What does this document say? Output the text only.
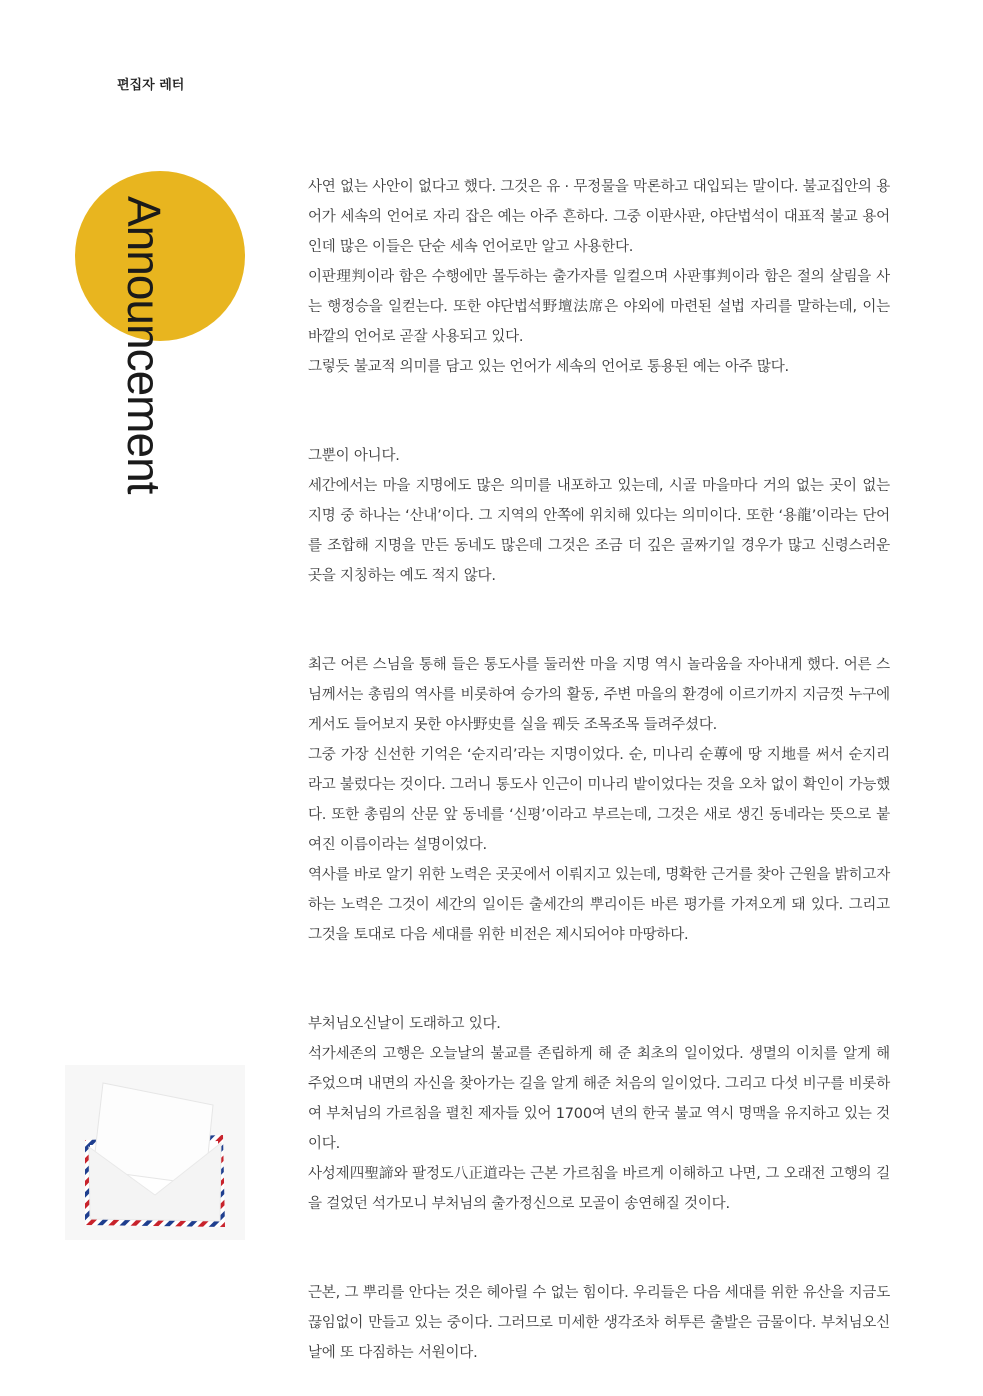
편집자 레터
Announcement

사연 없는 사안이 없다고 했다. 그것은 유 · 무정물을 막론하고 대입되는 말이다. 불교집안의 용어가 세속의 언어로 자리 잡은 예는 아주 흔하다. 그중 이판사판, 야단법석이 대표적 불교 용어인데 많은 이들은 단순 세속 언어로만 알고 사용한다.

이판理判이라 함은 수행에만 몰두하는 출가자를 일컬으며 사판事判이라 함은 절의 살림을 사는 행정승을 일컫는다. 또한 야단법석野壇法席은 야외에 마련된 설법 자리를 말하는데, 이는 바깥의 언어로 곧잘 사용되고 있다.

그렇듯 불교적 의미를 담고 있는 언어가 세속의 언어로 통용된 예는 아주 많다.

그뿐이 아니다.

세간에서는 마을 지명에도 많은 의미를 내포하고 있는데, 시골 마을마다 거의 없는 곳이 없는 지명 중 하나는 ‘산내’이다. 그 지역의 안쪽에 위치해 있다는 의미이다. 또한 ‘용龍’이라는 단어를 조합해 지명을 만든 동네도 많은데 그것은 조금 더 깊은 골짜기일 경우가 많고 신령스러운 곳을 지칭하는 예도 적지 않다.

최근 어른 스님을 통해 들은 통도사를 둘러싼 마을 지명 역시 놀라움을 자아내게 했다. 어른 스님께서는 총림의 역사를 비롯하여 승가의 활동, 주변 마을의 환경에 이르기까지 지금껏 누구에게서도 들어보지 못한 야사野史를 실을 꿰듯 조목조목 들려주셨다.

그중 가장 신선한 기억은 ‘순지리’라는 지명이었다. 순, 미나리 순蓴에 땅 지地를 써서 순지리라고 불렀다는 것이다. 그러니 통도사 인근이 미나리 밭이었다는 것을 오차 없이 확인이 가능했다. 또한 총림의 산문 앞 동네를 ‘신평’이라고 부르는데, 그것은 새로 생긴 동네라는 뜻으로 붙여진 이름이라는 설명이었다.

역사를 바로 알기 위한 노력은 곳곳에서 이뤄지고 있는데, 명확한 근거를 찾아 근원을 밝히고자 하는 노력은 그것이 세간의 일이든 출세간의 뿌리이든 바른 평가를 가져오게 돼 있다. 그리고 그것을 토대로 다음 세대를 위한 비전은 제시되어야 마땅하다.

부처님오신날이 도래하고 있다.

석가세존의 고행은 오늘날의 불교를 존립하게 해 준 최초의 일이었다. 생멸의 이치를 알게 해 주었으며 내면의 자신을 찾아가는 길을 알게 해준 처음의 일이었다. 그리고 다섯 비구를 비롯하여 부처님의 가르침을 펼친 제자들 있어 1700여 년의 한국 불교 역시 명맥을 유지하고 있는 것이다.

사성제四聖諦와 팔정도八正道라는 근본 가르침을 바르게 이해하고 나면, 그 오래전 고행의 길을 걸었던 석가모니 부처님의 출가정신으로 모골이 송연해질 것이다.

근본, 그 뿌리를 안다는 것은 헤아릴 수 없는 힘이다. 우리들은 다음 세대를 위한 유산을 지금도 끊임없이 만들고 있는 중이다. 그러므로 미세한 생각조차 허투른 출발은 금물이다. 부처님오신날에 또 다짐하는 서원이다.
